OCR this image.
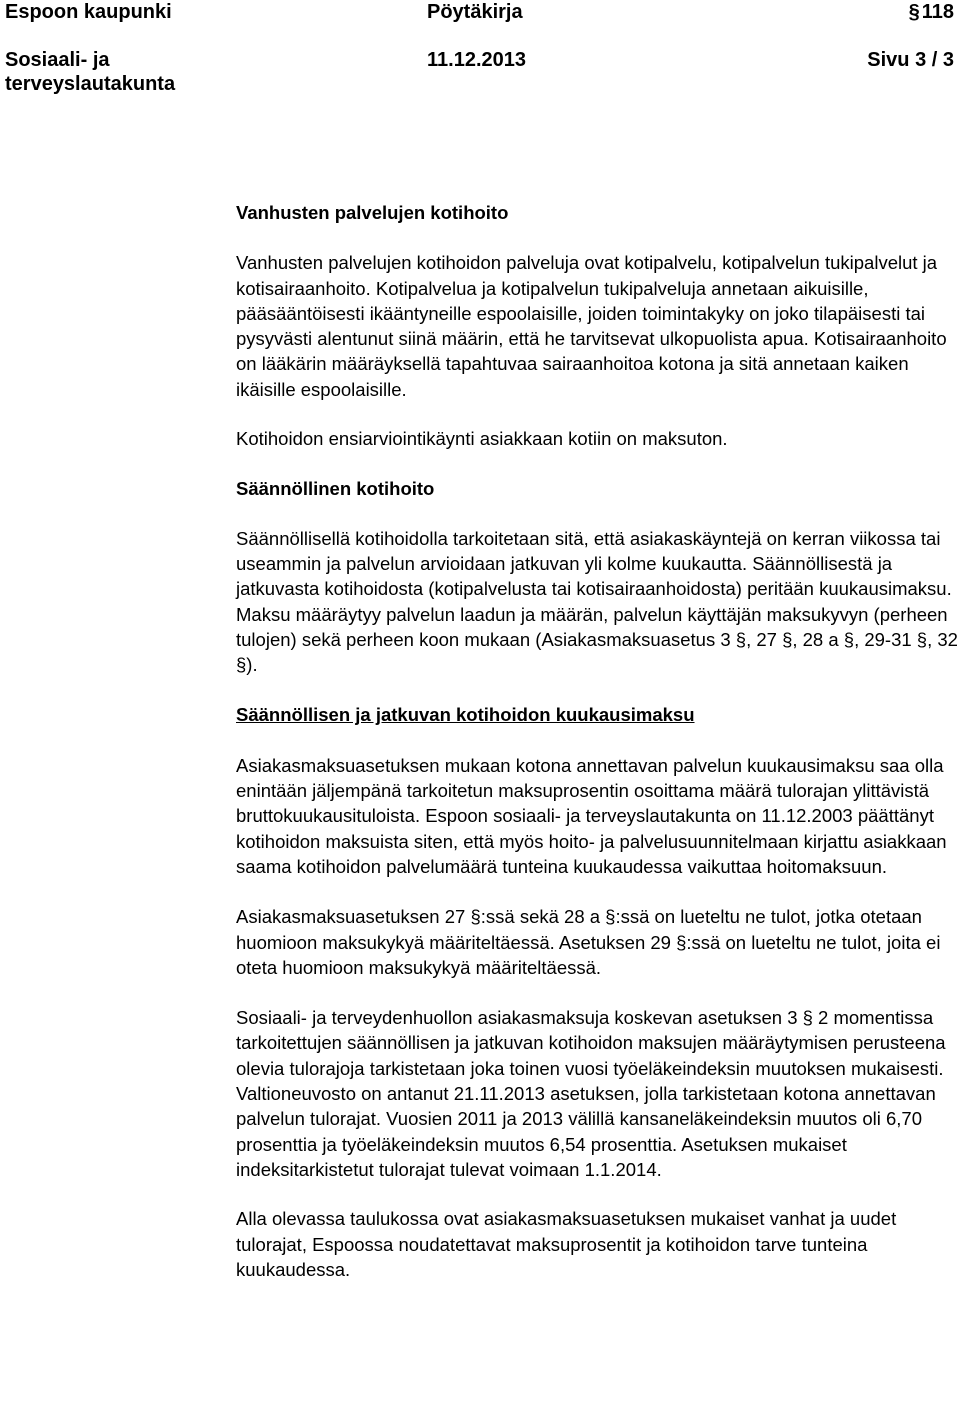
Espoon kaupunki	Pöytäkirja	§ 118
Sosiaali- ja terveyslautakunta
11.12.2013	Sivu 3 / 3
Vanhusten palvelujen kotihoito

Vanhusten palvelujen kotihoidon palveluja ovat kotipalvelu, kotipalvelun tukipalvelut ja kotisairaanhoito. Kotipalvelua ja kotipalvelun tukipalveluja annetaan aikuisille, pääsääntöisesti ikääntyneille espoolaisille, joiden toimintakyky on joko tilapäisesti tai pysyvästi alentunut siinä määrin, että he tarvitsevat ulkopuolista apua. Kotisairaanhoito on lääkärin määräyksellä tapahtuvaa sairaanhoitoa kotona ja sitä annetaan kaiken ikäisille espoolaisille.

Kotihoidon ensiarviointikäynti asiakkaan kotiin on maksuton.

Säännöllinen kotihoito

Säännöllisellä kotihoidolla tarkoitetaan sitä, että asiakaskäyntejä on kerran viikossa tai useammin ja palvelun arvioidaan jatkuvan yli kolme kuukautta. Säännöllisestä ja jatkuvasta kotihoidosta (kotipalvelusta tai kotisairaanhoidosta) peritään kuukausimaksu. Maksu määräytyy palvelun laadun ja määrän, palvelun käyttäjän maksukyvyn (perheen tulojen) sekä perheen koon mukaan (Asiakasmaksuasetus 3 §, 27 §, 28 a §, 29-31 §, 32 §).

Säännöllisen ja jatkuvan kotihoidon kuukausimaksu

Asiakasmaksuasetuksen mukaan kotona annettavan palvelun kuukausimaksu saa olla enintään jäljempänä tarkoitetun maksuprosentin osoittama määrä tulorajan ylittävistä bruttokuukausituloista. Espoon sosiaali- ja terveyslautakunta on 11.12.2003 päättänyt kotihoidon maksuista siten, että myös hoito- ja palvelusuunnitelmaan kirjattu asiakkaan saama kotihoidon palvelumäärä tunteina kuukaudessa vaikuttaa hoitomaksuun.

Asiakasmaksuasetuksen 27 §:ssä sekä 28 a §:ssä on lueteltu ne tulot, jotka otetaan huomioon maksukykyä määriteltäessä. Asetuksen 29 §:ssä on lueteltu ne tulot, joita ei oteta huomioon maksukykyä määriteltäessä.

Sosiaali- ja terveydenhuollon asiakasmaksuja koskevan asetuksen 3 § 2 momentissa tarkoitettujen säännöllisen ja jatkuvan kotihoidon maksujen määräytymisen perusteena olevia tulorajoja tarkistetaan joka toinen vuosi työeläkeindeksin muutoksen mukaisesti. Valtioneuvosto on antanut 21.11.2013 asetuksen, jolla tarkistetaan kotona annettavan palvelun tulorajat. Vuosien 2011 ja 2013 välillä kansaneläkeindeksin muutos oli 6,70 prosenttia ja työeläkeindeksin muutos 6,54 prosenttia. Asetuksen mukaiset indeksitarkistetut tulorajat tulevat voimaan 1.1.2014.

Alla olevassa taulukossa ovat asiakasmaksuasetuksen mukaiset vanhat ja uudet tulorajat, Espoossa noudatettavat maksuprosentit ja kotihoidon tarve tunteina kuukaudessa.
